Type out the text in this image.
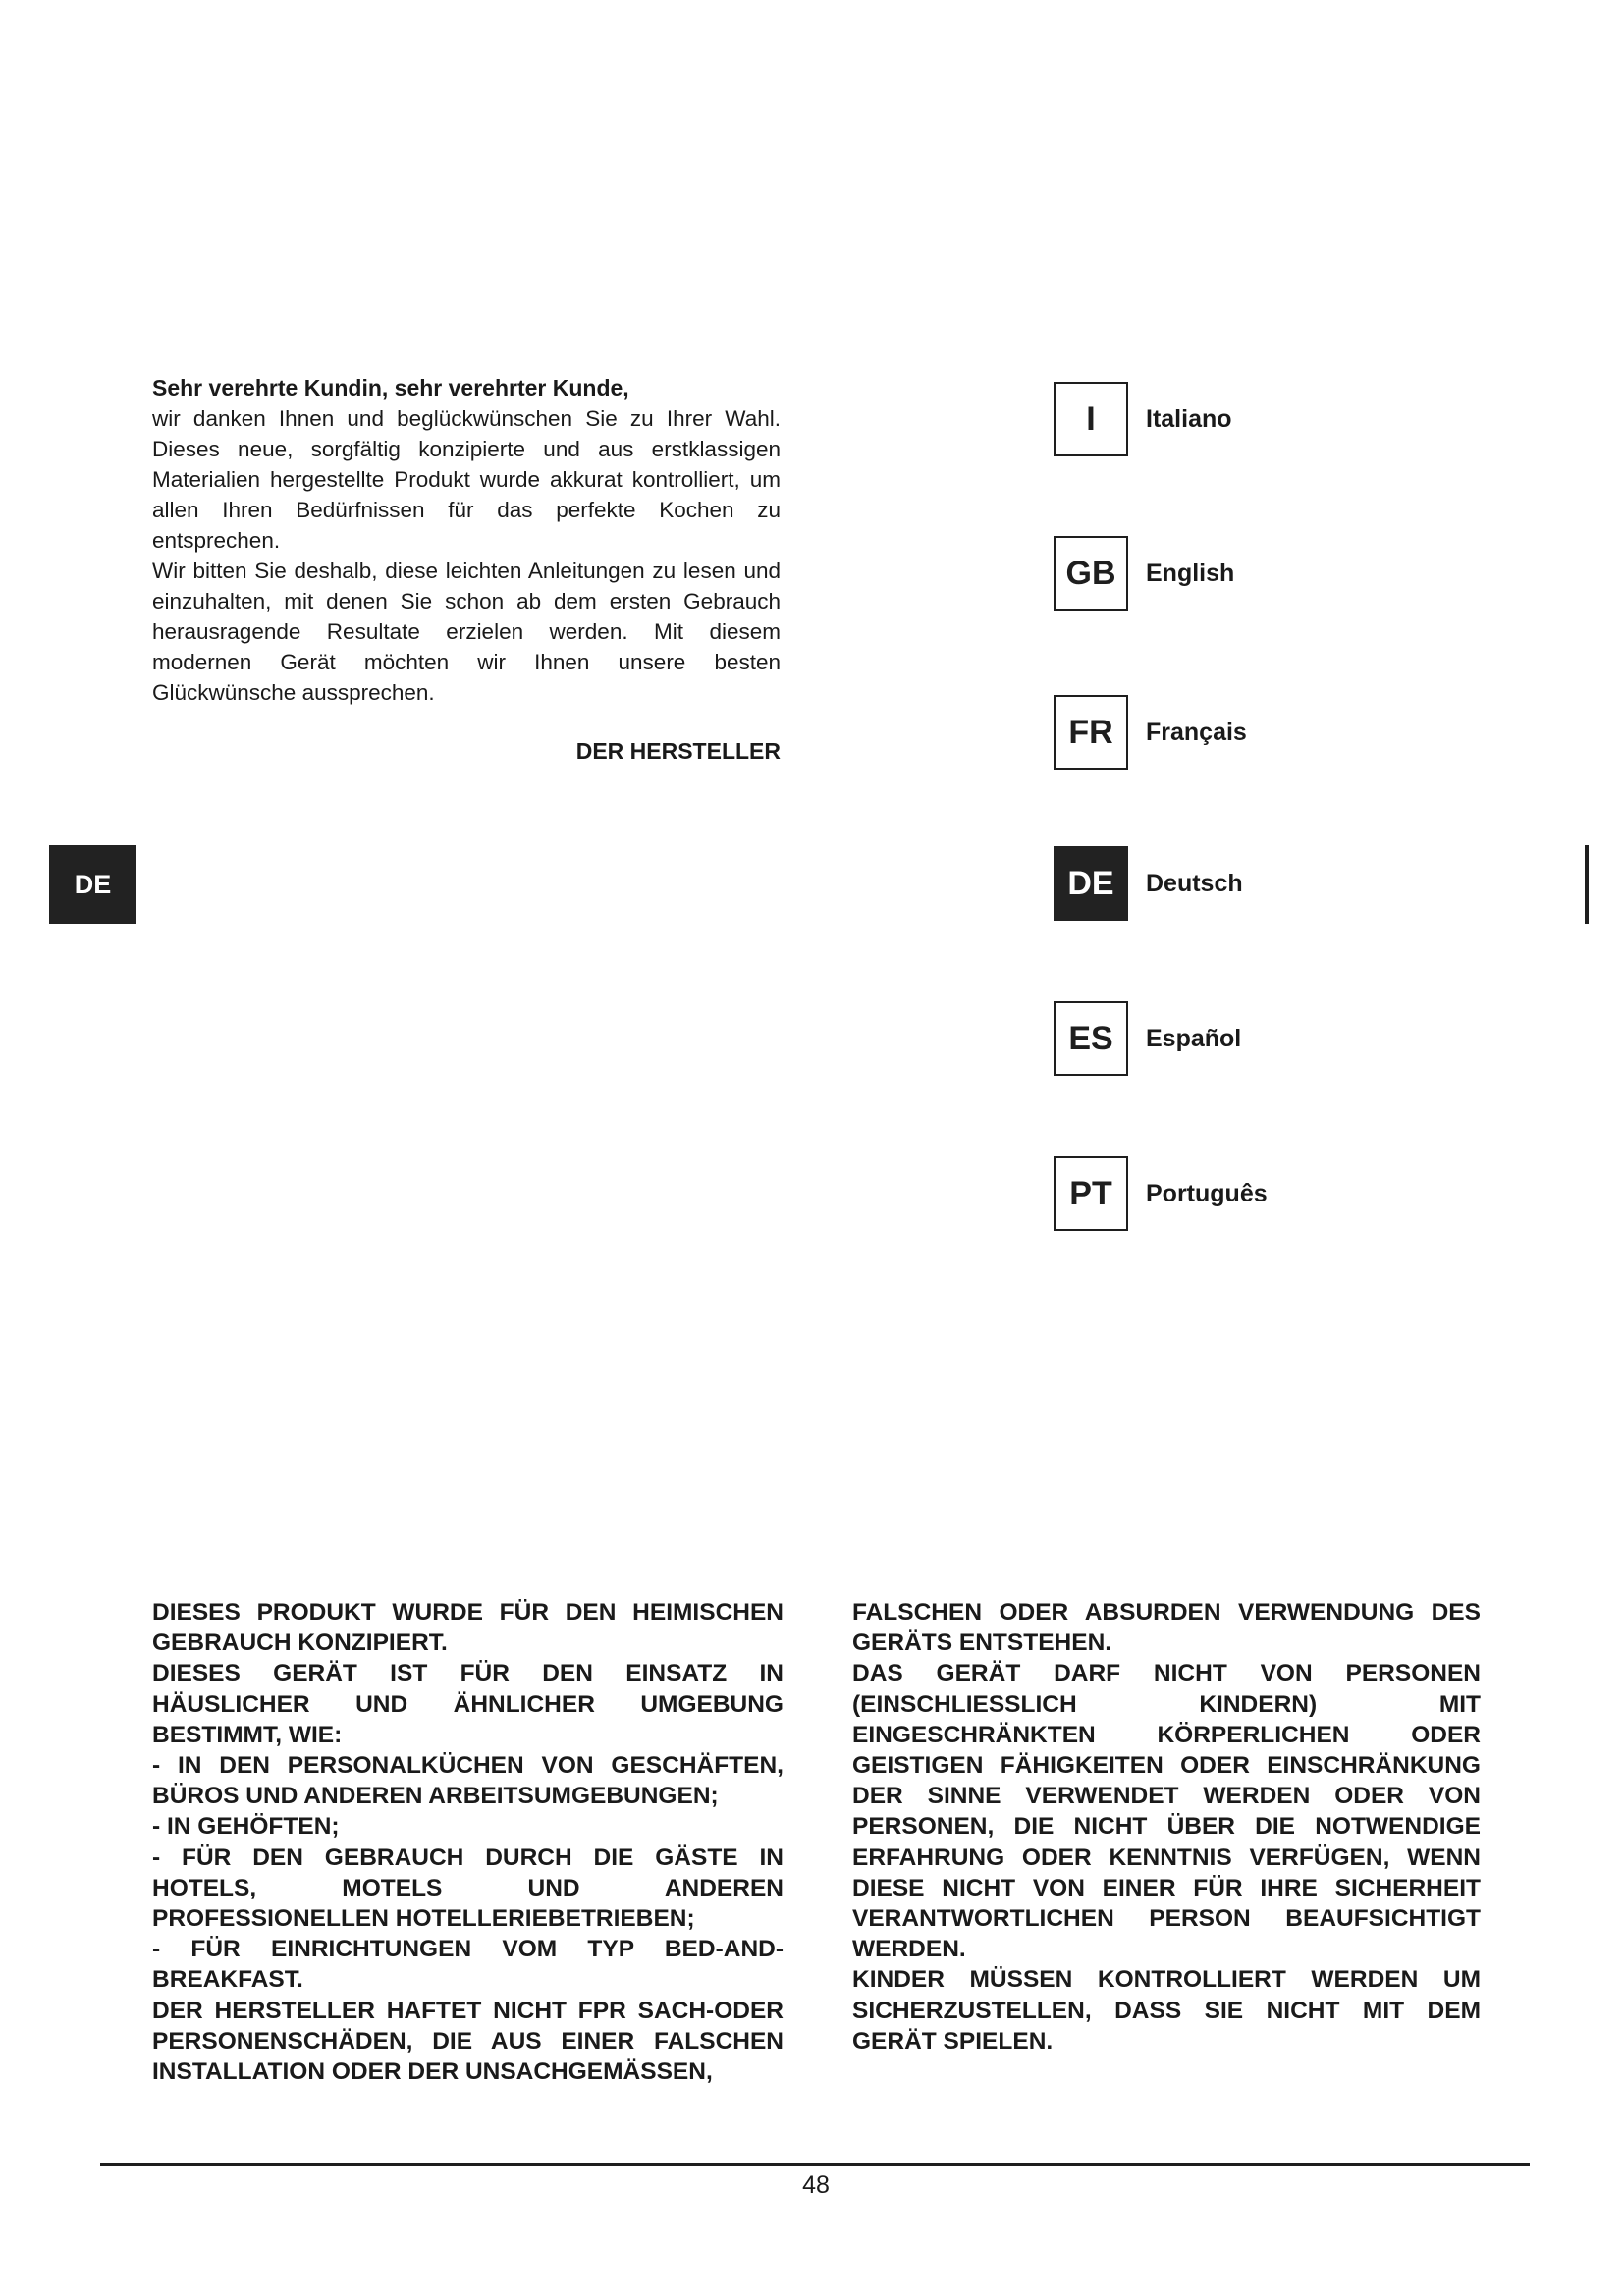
Sehr verehrte Kundin, sehr verehrter Kunde,

wir danken Ihnen und beglückwünschen Sie zu Ihrer Wahl. Dieses neue, sorgfältig konzipierte und aus erstklassigen Materialien hergestellte Produkt wurde akkurat kontrolliert, um allen Ihren Bedürfnissen für das perfekte Kochen zu entsprechen.

Wir bitten Sie deshalb, diese leichten Anleitungen zu lesen und einzuhalten, mit denen Sie schon ab dem ersten Gebrauch herausragende Resultate erzielen werden. Mit diesem modernen Gerät möchten wir Ihnen unsere besten Glückwünsche aussprechen.

DER HERSTELLER
DE
I	Italiano
GB	English
FR	Français
DE	Deutsch
ES	Español
PT	Português

DIESES PRODUKT WURDE FÜR DEN HEIMISCHEN GEBRAUCH KONZIPIERT.

DIESES GERÄT IST FÜR DEN EINSATZ IN HÄUSLICHER UND ÄHNLICHER UMGEBUNG BESTIMMT, WIE:

- IN DEN PERSONALKÜCHEN VON GESCHÄFTEN, BÜROS UND ANDEREN ARBEITSUMGEBUNGEN;

- IN GEHÖFTEN;

- FÜR DEN GEBRAUCH DURCH DIE GÄSTE IN HOTELS, MOTELS UND ANDEREN PROFESSIONELLEN HOTELLERIEBETRIEBEN;

- FÜR EINRICHTUNGEN VOM TYP BED-AND-BREAKFAST.

DER HERSTELLER HAFTET NICHT FPR SACH-ODER PERSONENSCHÄDEN, DIE AUS EINER FALSCHEN INSTALLATION ODER DER UNSACHGEMÄSSEN,

FALSCHEN ODER ABSURDEN VERWENDUNG DES GERÄTS ENTSTEHEN.

DAS GERÄT DARF NICHT VON PERSONEN (EINSCHLIESSLICH KINDERN) MIT EINGESCHRÄNKTEN KÖRPERLICHEN ODER GEISTIGEN FÄHIGKEITEN ODER EINSCHRÄNKUNG DER SINNE VERWENDET WERDEN ODER VON PERSONEN, DIE NICHT ÜBER DIE NOTWENDIGE ERFAHRUNG ODER KENNTNIS VERFÜGEN, WENN DIESE NICHT VON EINER FÜR IHRE SICHERHEIT VERANTWORTLICHEN PERSON BEAUFSICHTIGT WERDEN.

KINDER MÜSSEN KONTROLLIERT WERDEN UM SICHERZUSTELLEN, DASS SIE NICHT MIT DEM GERÄT SPIELEN.

48
